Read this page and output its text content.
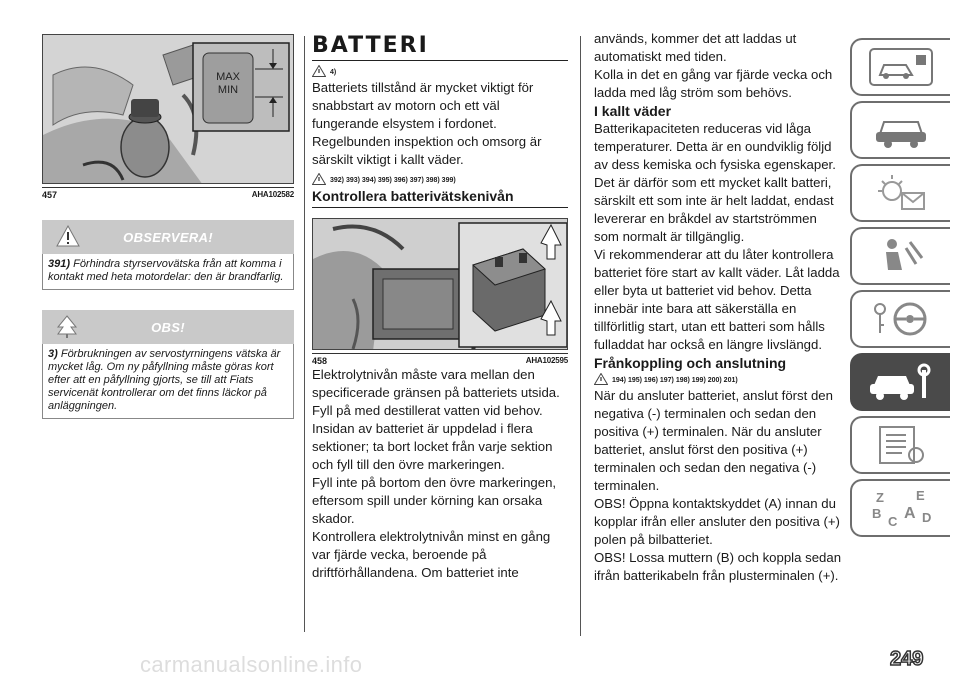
MAX
MIN
457	AHA102582
OBSERVERA!
391) Förhindra styrservovätska från att komma i kontakt med heta motordelar: den är brandfarlig.
OBS!
3) Förbrukningen av servostyrningens vätska är mycket låg. Om ny påfyllning måste göras kort efter att en påfyllning gjorts, se till att Fiats servicenät kontrollerar om det finns läckor på anläggningen.
BATTERI
4)

Batteriets tillstånd är mycket viktigt för snabbstart av motorn och ett väl fungerande elsystem i fordonet. Regelbunden inspektion och omsorg är särskilt viktigt i kallt väder.

392) 393) 394) 395) 396) 397) 398) 399)
Kontrollera batterivätskenivån
458	AHA102595

Elektrolytnivån måste vara mellan den specificerade gränsen på batteriets utsida. Fyll på med destillerat vatten vid behov. Insidan av batteriet är uppdelad i flera sektioner; ta bort locket från varje sektion och fyll till den övre markeringen.

Fyll inte på bortom den övre markeringen, eftersom spill under körning kan orsaka skador.

Kontrollera elektrolytnivån minst en gång var fjärde vecka, beroende på driftförhållandena. Om batteriet inte

används, kommer det att laddas ut automatiskt med tiden.

Kolla in det en gång var fjärde vecka och ladda med låg ström som behövs.

I kallt väder

Batterikapaciteten reduceras vid låga temperaturer. Detta är en oundviklig följd av dess kemiska och fysiska egenskaper. Det är därför som ett mycket kallt batteri, särskilt ett som inte är helt laddat, endast levererar en bråkdel av startströmmen som normalt är tillgänglig.

Vi rekommenderar att du låter kontrollera batteriet före start av kallt väder. Låt ladda eller byta ut batteriet vid behov. Detta innebär inte bara att säkerställa en tillförlitlig start, utan ett batteri som hålls fulladdat har också en längre livslängd.

Frånkoppling och anslutning
194) 195) 196) 197) 198) 199) 200) 201)

När du ansluter batteriet, anslut först den negativa (-) terminalen och sedan den positiva (+) terminalen. När du ansluter batteriet, anslut först den positiva (+) terminalen och sedan den negativa (-) terminalen.

OBS! Öppna kontaktskyddet (A) innan du kopplar ifrån eller ansluter den positiva (+) polen på bilbatteriet.

OBS! Lossa muttern (B) och koppla sedan ifrån batterikabeln från plusterminalen (+).

Z E
B
C A D
carmanualsonline.info	249
